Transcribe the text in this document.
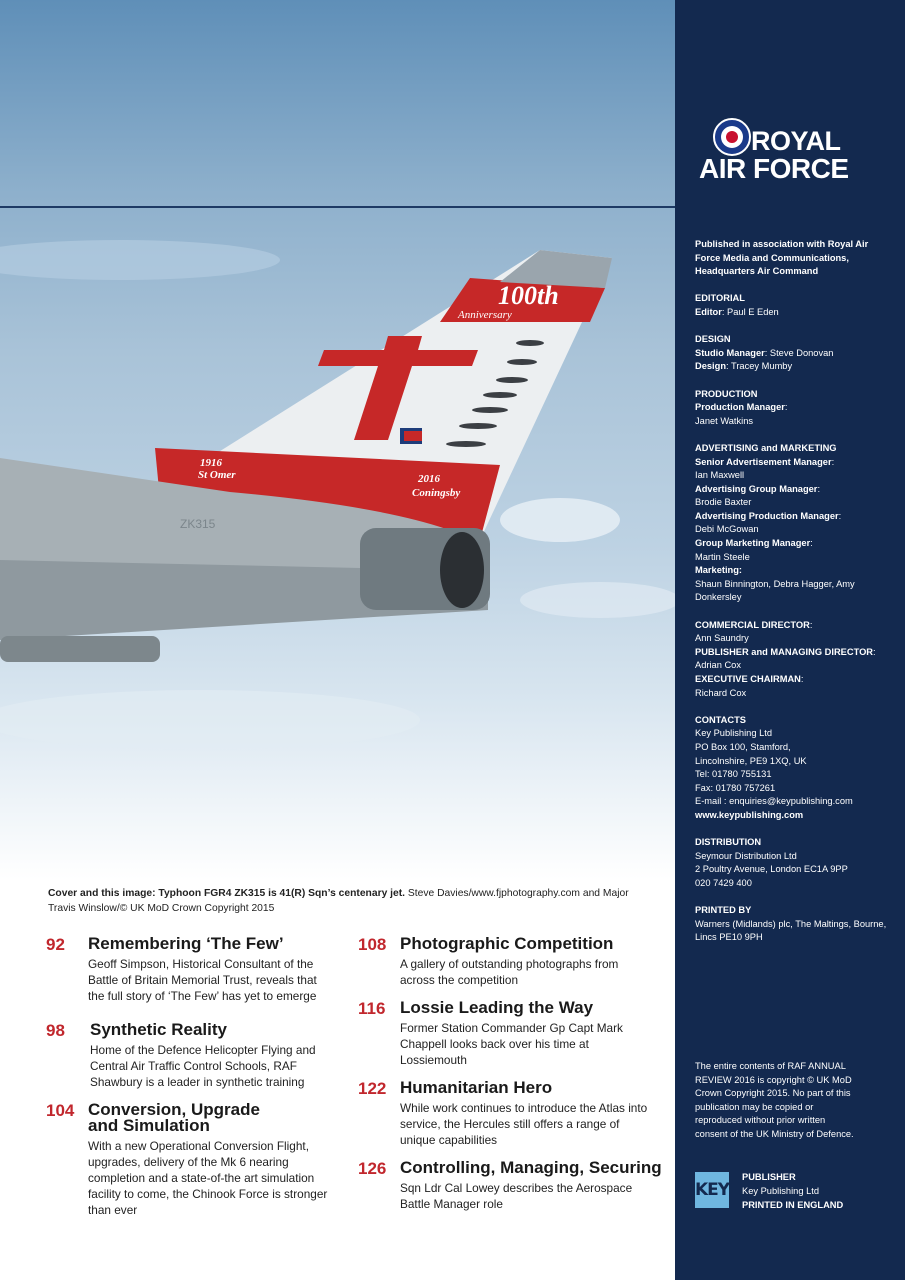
100th
Anniversary
1916
St Omer	2016
Coningsby
ZK315
ROYAL
AIR FORCE
Published in association with Royal Air Force Media and Communications, Headquarters Air Command
EDITORIAL
Editor: Paul E Eden
DESIGN
Studio Manager: Steve Donovan
Design: Tracey Mumby
PRODUCTION
Production Manager:
Janet Watkins
ADVERTISING and MARKETING
Senior Advertisement Manager:
Ian Maxwell
Advertising Group Manager:
Brodie Baxter
Advertising Production Manager:
Debi McGowan
Group Marketing Manager:
Martin Steele
Marketing:
Shaun Binnington, Debra Hagger, Amy Donkersley
COMMERCIAL DIRECTOR:
Ann Saundry
PUBLISHER and MANAGING DIRECTOR: Adrian Cox
EXECUTIVE CHAIRMAN:
Richard Cox
CONTACTS
Key Publishing Ltd
PO Box 100, Stamford,
Lincolnshire, PE9 1XQ, UK
Tel: 01780 755131
Fax: 01780 757261
E-mail : enquiries@keypublishing.com
www.keypublishing.com
DISTRIBUTION
Seymour Distribution Ltd
2 Poultry Avenue, London EC1A 9PP
020 7429 400
PRINTED BY
Warners (Midlands) plc, The Maltings, Bourne, Lincs PE10 9PH
The entire contents of RAF ANNUAL REVIEW 2016 is copyright © UK MoD Crown Copyright 2015. No part of this publication may be copied or reproduced without prior written consent of the UK Ministry of Defence.
KEY
PUBLISHER
Key Publishing Ltd
PRINTED IN ENGLAND
Cover and this image: Typhoon FGR4 ZK315 is 41(R) Sqn’s centenary jet. Steve Davies/www.fjphotography.com and Major Travis Winslow/© UK MoD Crown Copyright 2015
92 Remembering ‘The Few’
Geoff Simpson, Historical Consultant of the Battle of Britain Memorial Trust, reveals that the full story of ‘The Few’ has yet to emerge
98 Synthetic Reality
Home of the Defence Helicopter Flying and Central Air Traffic Control Schools, RAF Shawbury is a leader in synthetic training
104 Conversion, Upgrade and Simulation
With a new Operational Conversion Flight, upgrades, delivery of the Mk 6 nearing completion and a state-of-the art simulation facility to come, the Chinook Force is stronger than ever
108 Photographic Competition
A gallery of outstanding photographs from across the competition
116 Lossie Leading the Way
Former Station Commander Gp Capt Mark Chappell looks back over his time at Lossiemouth
122 Humanitarian Hero
While work continues to introduce the Atlas into service, the Hercules still offers a range of unique capabilities
126 Controlling, Managing, Securing
Sqn Ldr Cal Lowey describes the Aerospace Battle Manager role
